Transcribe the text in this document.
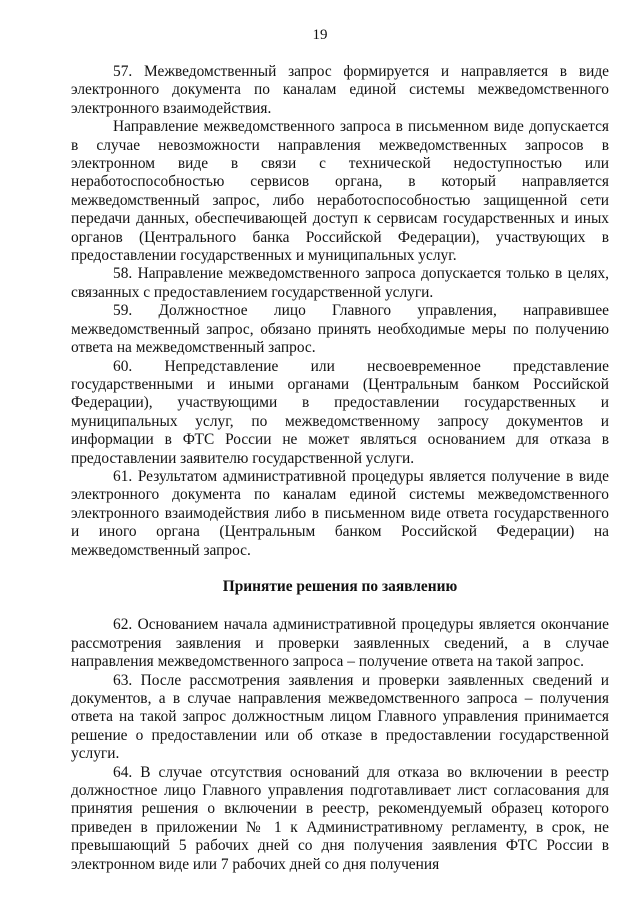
19

57. Межведомственный запрос формируется и направляется в виде электронного документа по каналам единой системы межведомственного электронного взаимодействия.

Направление межведомственного запроса в письменном виде допускается в случае невозможности направления межведомственных запросов в электронном виде в связи с технической недоступностью или неработоспособностью сервисов органа, в который направляется межведомственный запрос, либо неработоспособностью защищенной сети передачи данных, обеспечивающей доступ к сервисам государственных и иных органов (Центрального банка Российской Федерации), участвующих в предоставлении государственных и муниципальных услуг.

58. Направление межведомственного запроса допускается только в целях, связанных с предоставлением государственной услуги.

59. Должностное лицо Главного управления, направившее межведомственный запрос, обязано принять необходимые меры по получению ответа на межведомственный запрос.

60. Непредставление или несвоевременное представление государственными и иными органами (Центральным банком Российской Федерации), участвующими в предоставлении государственных и муниципальных услуг, по межведомственному запросу документов и информации в ФТС России не может являться основанием для отказа в предоставлении заявителю государственной услуги.

61. Результатом административной процедуры является получение в виде электронного документа по каналам единой системы межведомственного электронного взаимодействия либо в письменном виде ответа государственного и иного органа (Центральным банком Российской Федерации) на межведомственный запрос.

Принятие решения по заявлению

62. Основанием начала административной процедуры является окончание рассмотрения заявления и проверки заявленных сведений, а в случае направления межведомственного запроса – получение ответа на такой запрос.

63. После рассмотрения заявления и проверки заявленных сведений и документов, а в случае направления межведомственного запроса – получения ответа на такой запрос должностным лицом Главного управления принимается решение о предоставлении или об отказе в предоставлении государственной услуги.

64. В случае отсутствия оснований для отказа во включении в реестр должностное лицо Главного управления подготавливает лист согласования для принятия решения о включении в реестр, рекомендуемый образец которого приведен в приложении № 1 к Административному регламенту, в срок, не превышающий 5 рабочих дней со дня получения заявления ФТС России в электронном виде или 7 рабочих дней со дня получения
